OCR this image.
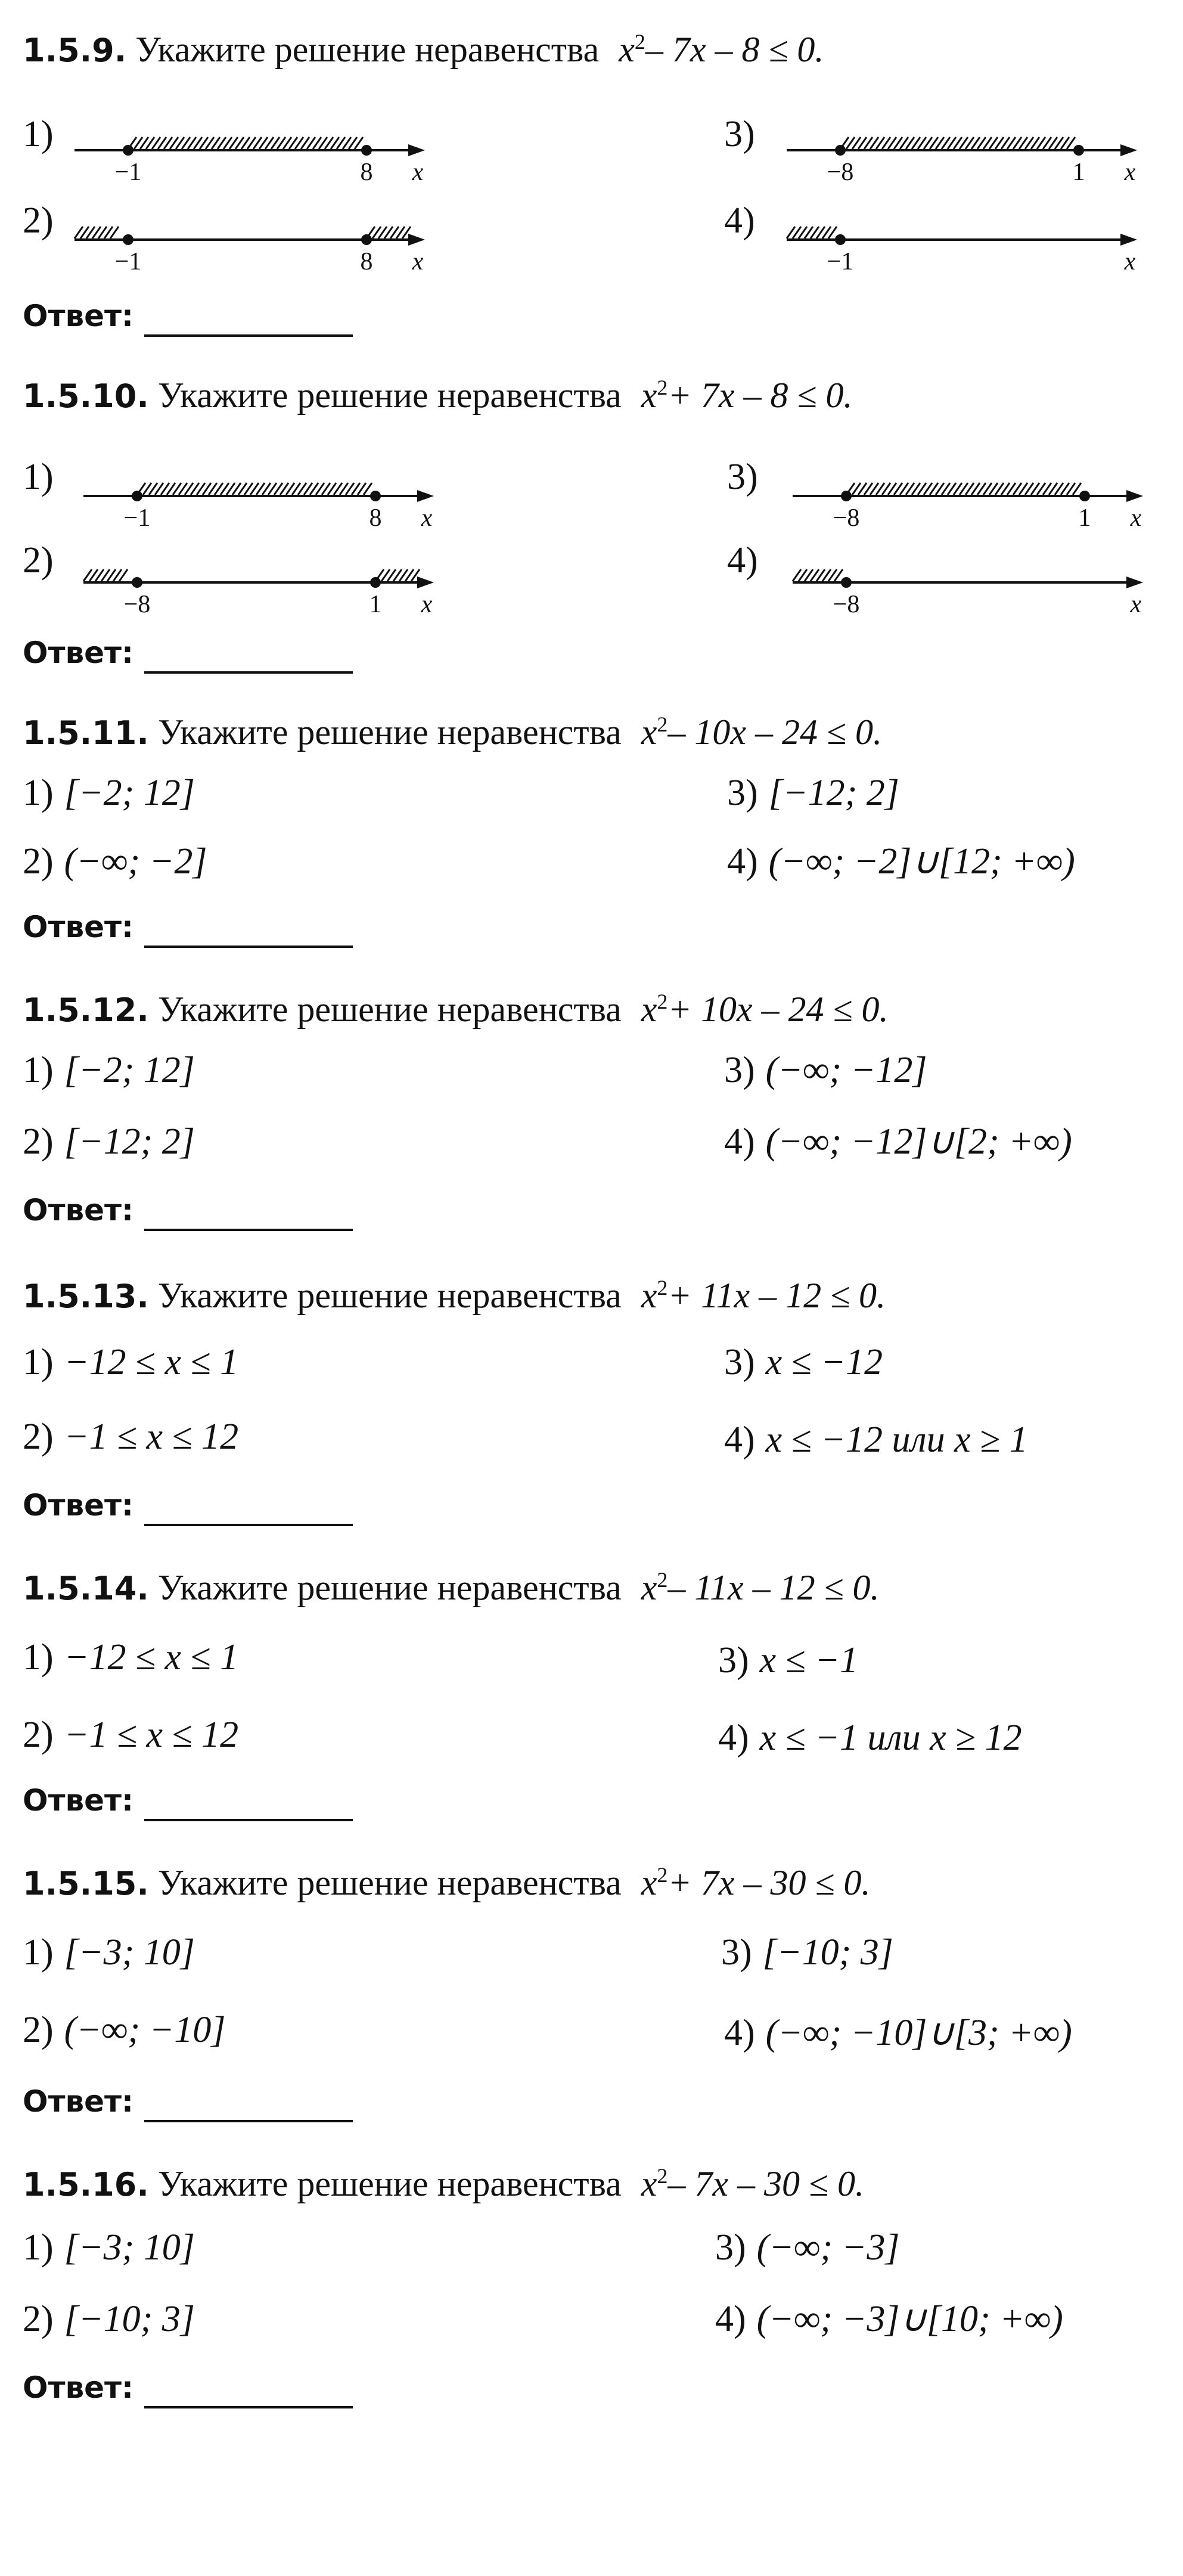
1.5.9. Укажите решение неравенства $x^2-$ 7x – 8 ≤ 0.
1)
−1	8 x
2)
−1	8 x
3)
−8	1 x
4)
−1	x
Ответ:
1.5.10. Укажите решение неравенства $x^2+ 7x - 8 \le 0$.
1)
−1	8 x
2)
−8	1 x
3)
−8	1 x
4)
−8	x
Ответ:
1.5.11. Укажите решение неравенства $x^2-$ 10x – 24 ≤ 0.
1) [−2; 12]
2) (−∞; −2]
3) [−12; 2]
4) (−∞; −2]∪[12; +∞)
Ответ:
1.5.12. Укажите решение неравенства $x^2+ 10x - 24 \le 0$.
1) [−2; 12]
2) [−12; 2]
3) (−∞; −12]
4) (−∞; −12]∪[2; +∞)
Ответ:
1.5.13. Укажите решение неравенства $x^2+ 11x - 12 \le 0$.
1) −12 ≤ x ≤ 1
2) −1 ≤ x ≤ 12
3) x ≤ −12
4) x ≤ −12 или x ≥ 1
Ответ:
1.5.14. Укажите решение неравенства $x^2-$ 11x – 12 ≤ 0.
1) −12 ≤ x ≤ 1
2) −1 ≤ x ≤ 12
3) x ≤ −1
4) x ≤ −1 или x ≥ 12
Ответ:
1.5.15. Укажите решение неравенства $x^2+ 7x - 30 \le 0$.
1) [−3; 10]
2) (−∞; −10]
3) [−10; 3]
4) (−∞; −10]∪[3; +∞)
Ответ:
1.5.16. Укажите решение неравенства $x^2-$ 7x – 30 ≤ 0.
1) [−3; 10]
2) [−10; 3]
3) (−∞; −3]
4) (−∞; −3]∪[10; +∞)
Ответ:
